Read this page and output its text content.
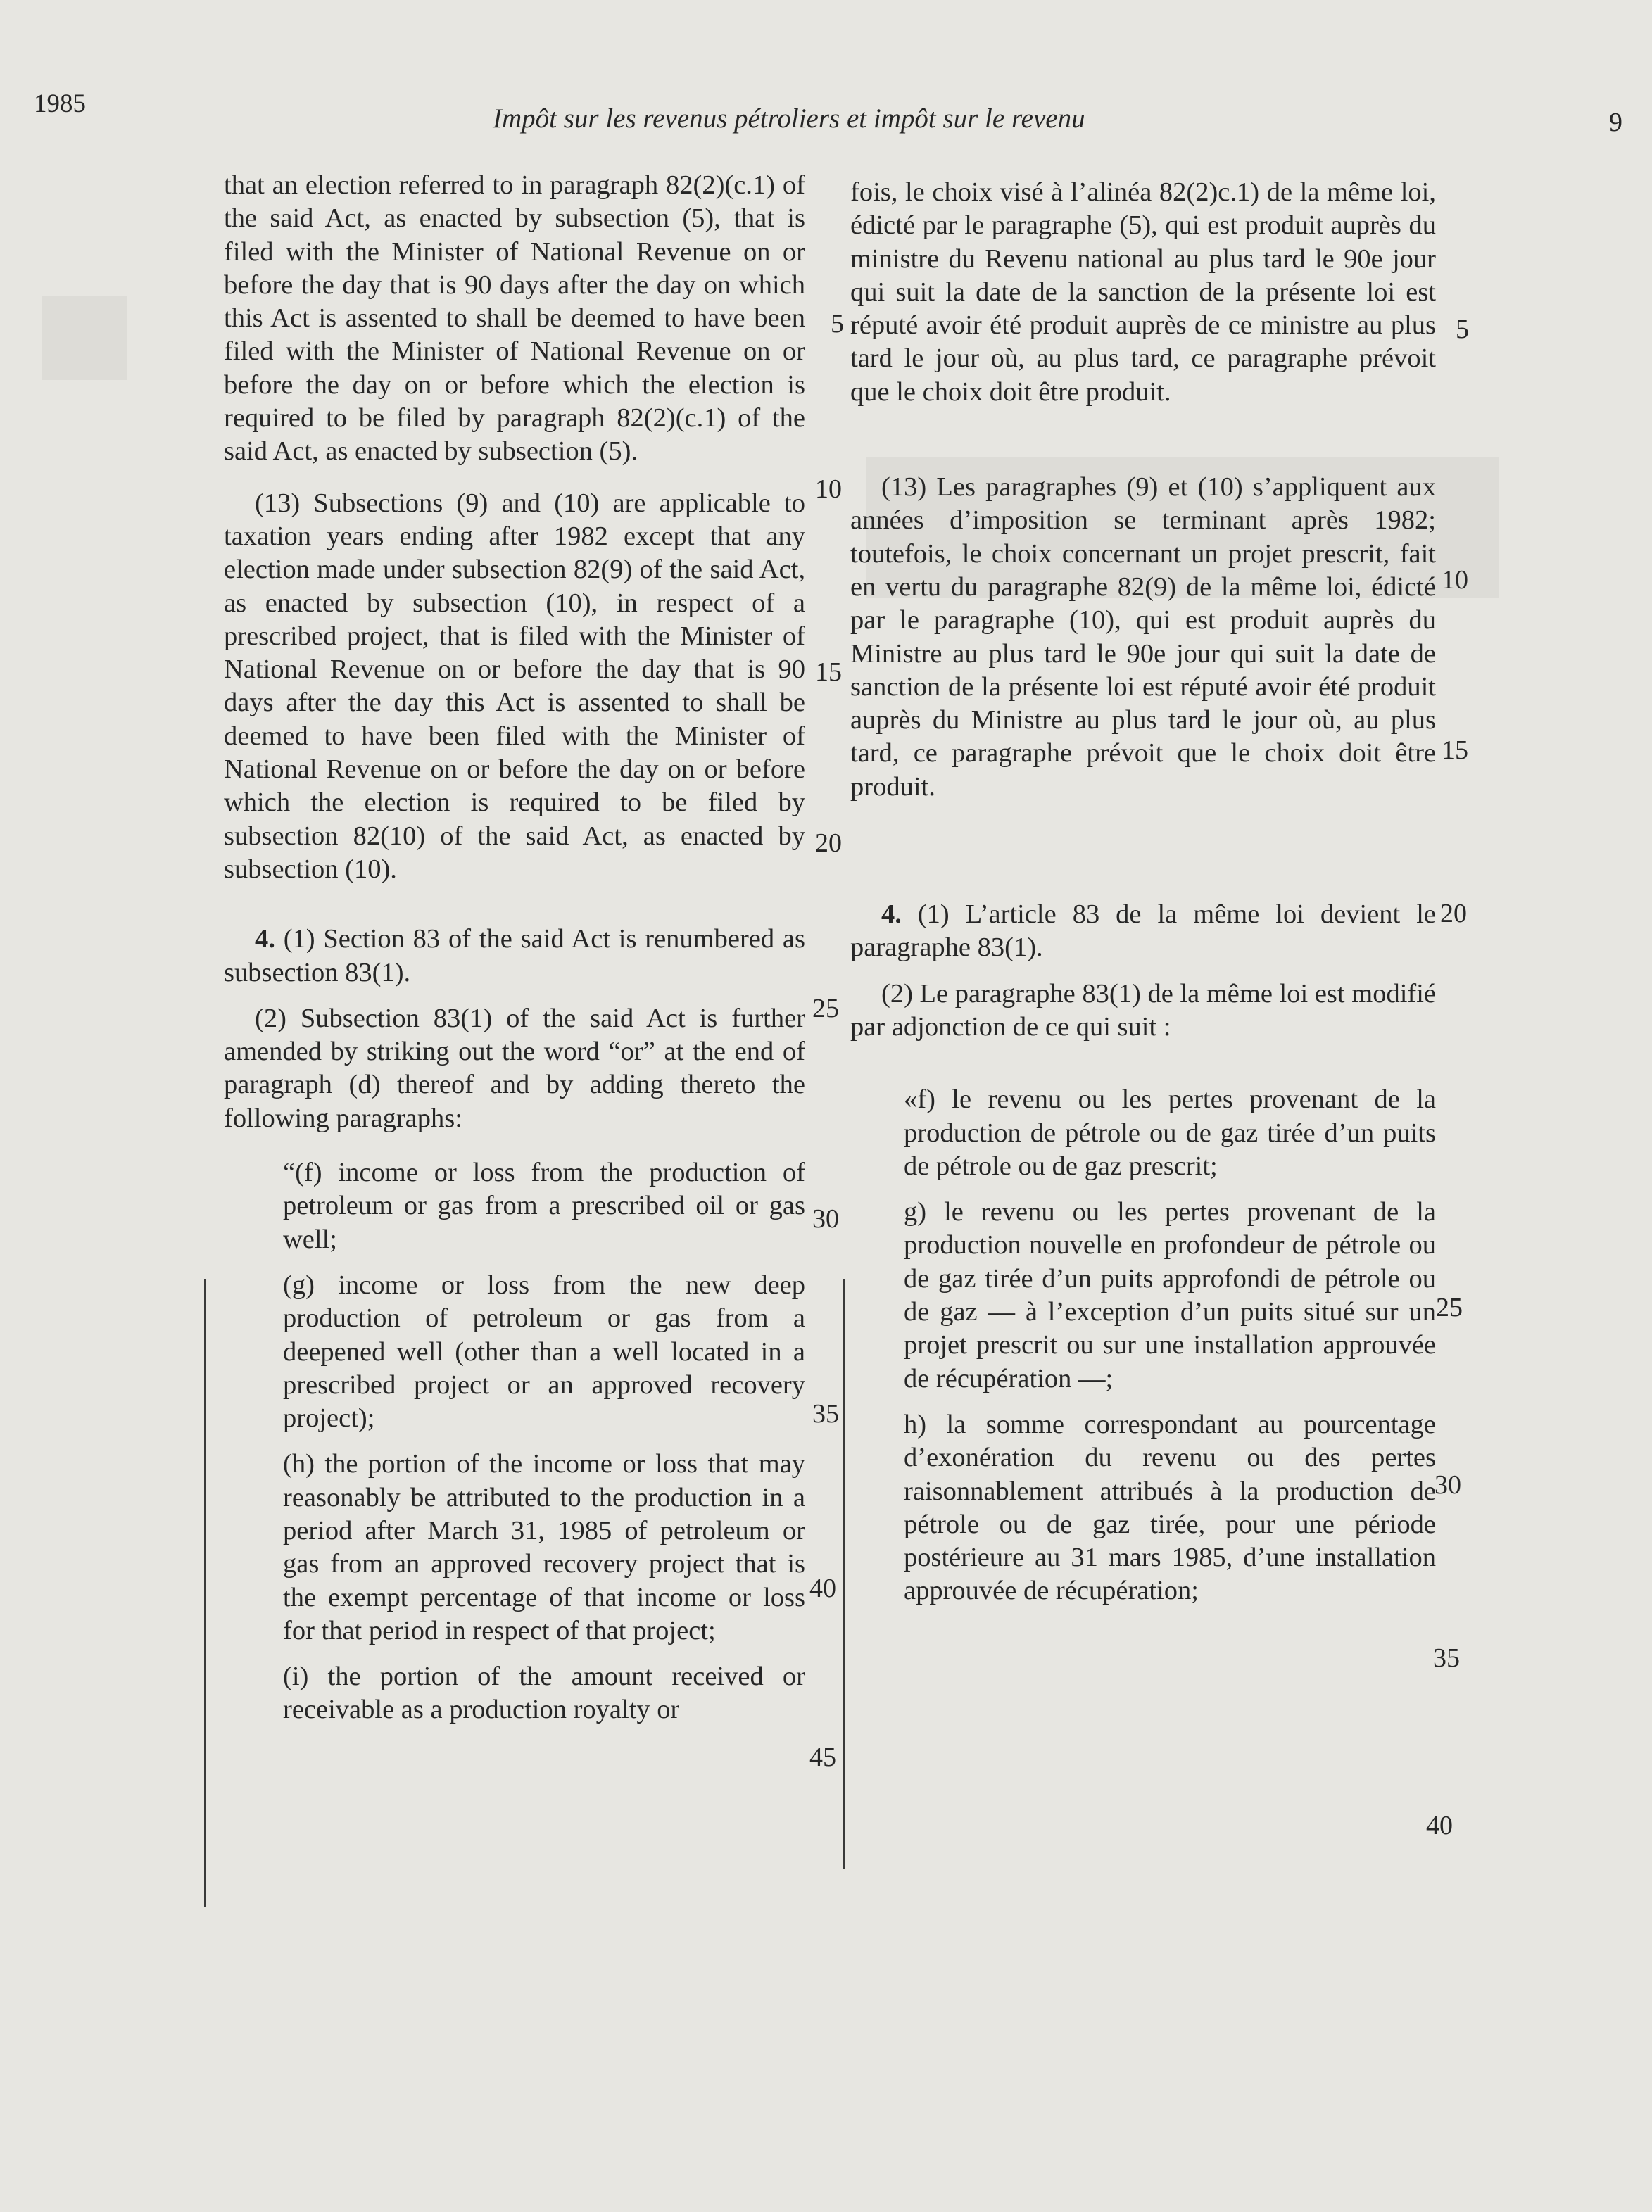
1985	Impôt sur les revenus pétroliers et impôt sur le revenu	9

that an election referred to in paragraph 82(2)(c.1) of the said Act, as enacted by subsection (5), that is filed with the Minister of National Revenue on or before the day that is 90 days after the day on which this Act is assented to shall be deemed to have been filed with the Minister of National Revenue on or before the day on or before which the election is required to be filed by paragraph 82(2)(c.1) of the said Act, as enacted by subsection (5).

(13) Subsections (9) and (10) are applicable to taxation years ending after 1982 except that any election made under subsection 82(9) of the said Act, as enacted by subsection (10), in respect of a prescribed project, that is filed with the Minister of National Revenue on or before the day that is 90 days after the day this Act is assented to shall be deemed to have been filed with the Minister of National Revenue on or before the day on or before which the election is required to be filed by subsection 82(10) of the said Act, as enacted by subsection (10).

4. (1) Section 83 of the said Act is renumbered as subsection 83(1).

(2) Subsection 83(1) of the said Act is further amended by striking out the word “or” at the end of paragraph (d) thereof and by adding thereto the following paragraphs:

“(f) income or loss from the production of petroleum or gas from a prescribed oil or gas well;

(g) income or loss from the new deep production of petroleum or gas from a deepened well (other than a well located in a prescribed project or an approved recovery project);

(h) the portion of the income or loss that may reasonably be attributed to the production in a period after March 31, 1985 of petroleum or gas from an approved recovery project that is the exempt percentage of that income or loss for that period in respect of that project;

(i) the portion of the amount received or receivable as a production royalty or

fois, le choix visé à l’alinéa 82(2)c.1) de la même loi, édicté par le paragraphe (5), qui est produit auprès du ministre du Revenu national au plus tard le 90e jour qui suit la date de la sanction de la présente loi est réputé avoir été produit auprès de ce ministre au plus tard le jour où, au plus tard, ce paragraphe prévoit que le choix doit être produit.

(13) Les paragraphes (9) et (10) s’appliquent aux années d’imposition se terminant après 1982; toutefois, le choix concernant un projet prescrit, fait en vertu du paragraphe 82(9) de la même loi, édicté par le paragraphe (10), qui est produit auprès du Ministre au plus tard le 90e jour qui suit la date de sanction de la présente loi est réputé avoir été produit auprès du Ministre au plus tard le jour où, au plus tard, ce paragraphe prévoit que le choix doit être produit.

4. (1) L’article 83 de la même loi devient le paragraphe 83(1).

(2) Le paragraphe 83(1) de la même loi est modifié par adjonction de ce qui suit :

«f) le revenu ou les pertes provenant de la production de pétrole ou de gaz tirée d’un puits de pétrole ou de gaz prescrit;

g) le revenu ou les pertes provenant de la production nouvelle en profondeur de pétrole ou de gaz tirée d’un puits approfondi de pétrole ou de gaz — à l’exception d’un puits situé sur un projet prescrit ou sur une installation approuvée de récupération —;

h) la somme correspondant au pourcentage d’exonération du revenu ou des pertes raisonnablement attribués à la production de pétrole ou de gaz tirée, pour une période postérieure au 31 mars 1985, d’une installation approuvée de récupération;

5
10
15
20
25
30
35
40
45
5
10
15
20
25
30
35
40
